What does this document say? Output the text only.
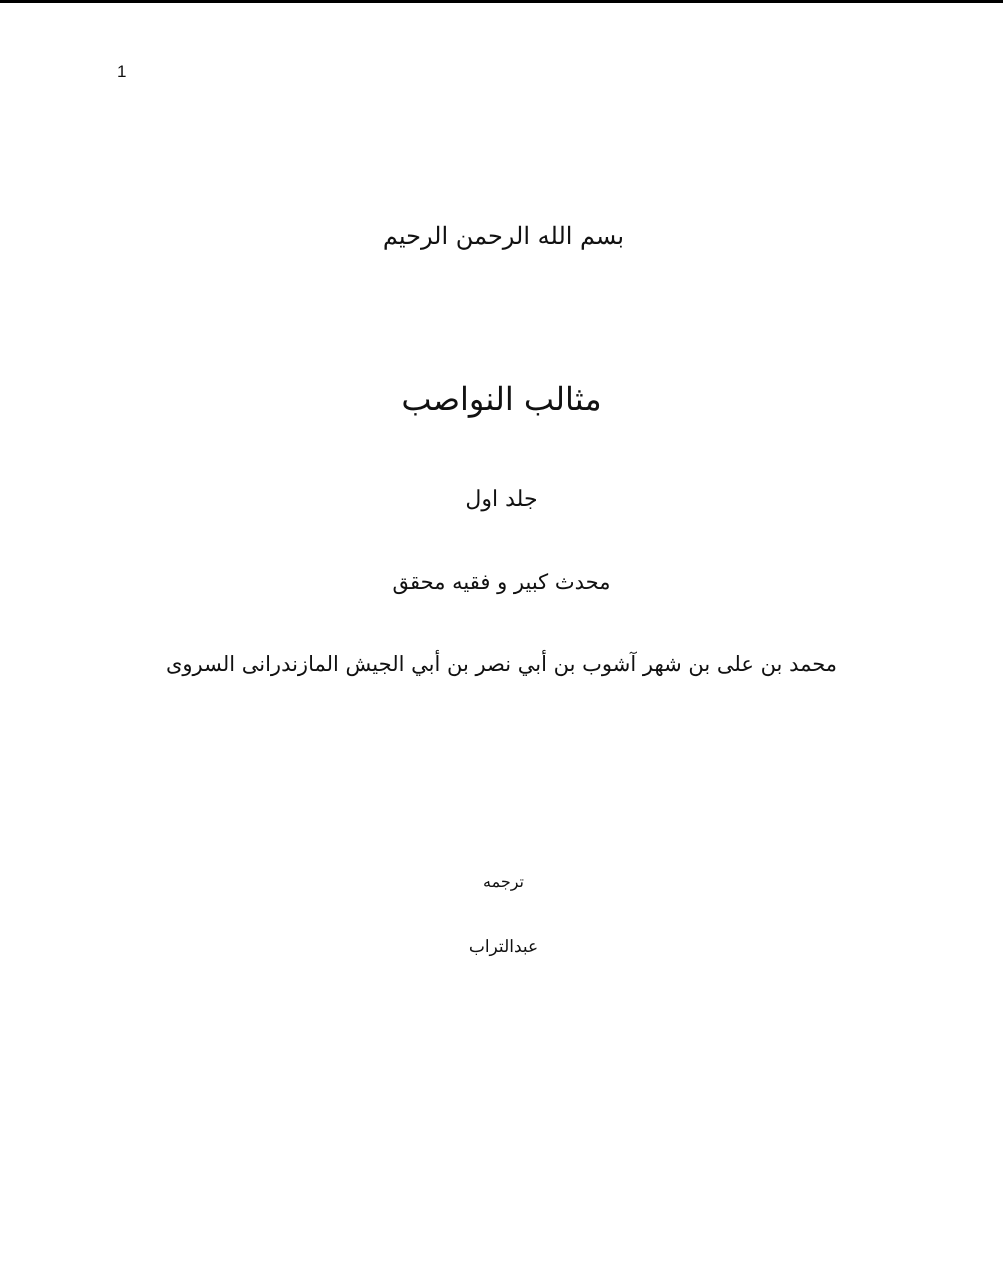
1
بسم الله الرحمن الرحيم
مثالب النواصب
جلد اول
محدث کبیر و فقیه محقق
محمد بن علی بن شهر آشوب بن أبي نصر بن أبي الجيش المازندرانی السروی
ترجمه
عبدالتراب
